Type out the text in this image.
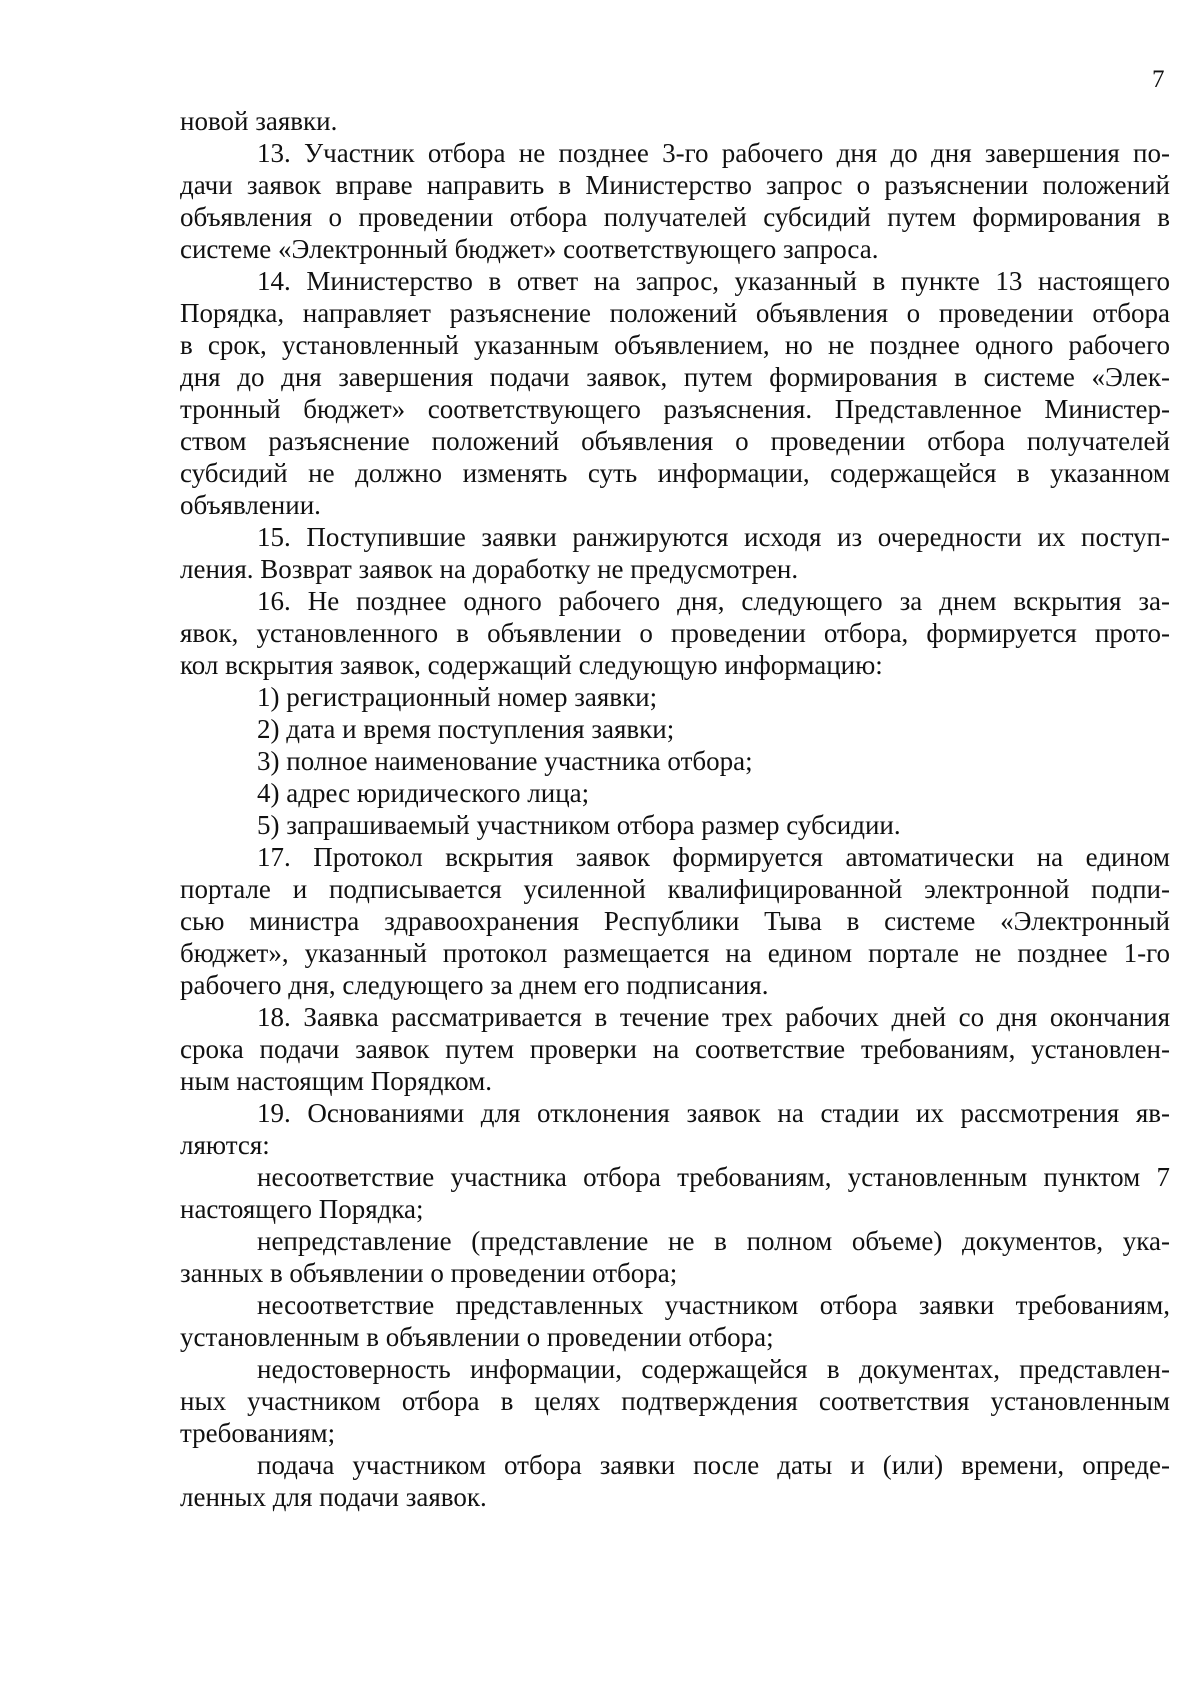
7

новой заявки.

13. Участник отбора не позднее 3-го рабочего дня до дня завершения по-

дачи заявок вправе направить в Министерство запрос о разъяснении положений

объявления о проведении отбора получателей субсидий путем формирования в

системе «Электронный бюджет» соответствующего запроса.

14. Министерство в ответ на запрос, указанный в пункте 13 настоящего

Порядка, направляет разъяснение положений объявления о проведении отбора

в срок, установленный указанным объявлением, но не позднее одного рабочего

дня до дня завершения подачи заявок, путем формирования в системе «Элек-

тронный бюджет» соответствующего разъяснения. Представленное Министер-

ством разъяснение положений объявления о проведении отбора получателей

субсидий не должно изменять суть информации, содержащейся в указанном

объявлении.

15. Поступившие заявки ранжируются исходя из очередности их поступ-

ления. Возврат заявок на доработку не предусмотрен.

16. Не позднее одного рабочего дня, следующего за днем вскрытия за-

явок, установленного в объявлении о проведении отбора, формируется прото-

кол вскрытия заявок, содержащий следующую информацию:

1) регистрационный номер заявки;

2) дата и время поступления заявки;

3) полное наименование участника отбора;

4) адрес юридического лица;

5) запрашиваемый участником отбора размер субсидии.

17. Протокол вскрытия заявок формируется автоматически на едином

портале и подписывается усиленной квалифицированной электронной подпи-

сью министра здравоохранения Республики Тыва в системе «Электронный

бюджет», указанный протокол размещается на едином портале не позднее 1-го

рабочего дня, следующего за днем его подписания.

18. Заявка рассматривается в течение трех рабочих дней со дня окончания

срока подачи заявок путем проверки на соответствие требованиям, установлен-

ным настоящим Порядком.

19. Основаниями для отклонения заявок на стадии их рассмотрения яв-

ляются:

несоответствие участника отбора требованиям, установленным пунктом 7

настоящего Порядка;

непредставление (представление не в полном объеме) документов, ука-

занных в объявлении о проведении отбора;

несоответствие представленных участником отбора заявки требованиям,

установленным в объявлении о проведении отбора;

недостоверность информации, содержащейся в документах, представлен-

ных участником отбора в целях подтверждения соответствия установленным

требованиям;

подача участником отбора заявки после даты и (или) времени, опреде-

ленных для подачи заявок.
